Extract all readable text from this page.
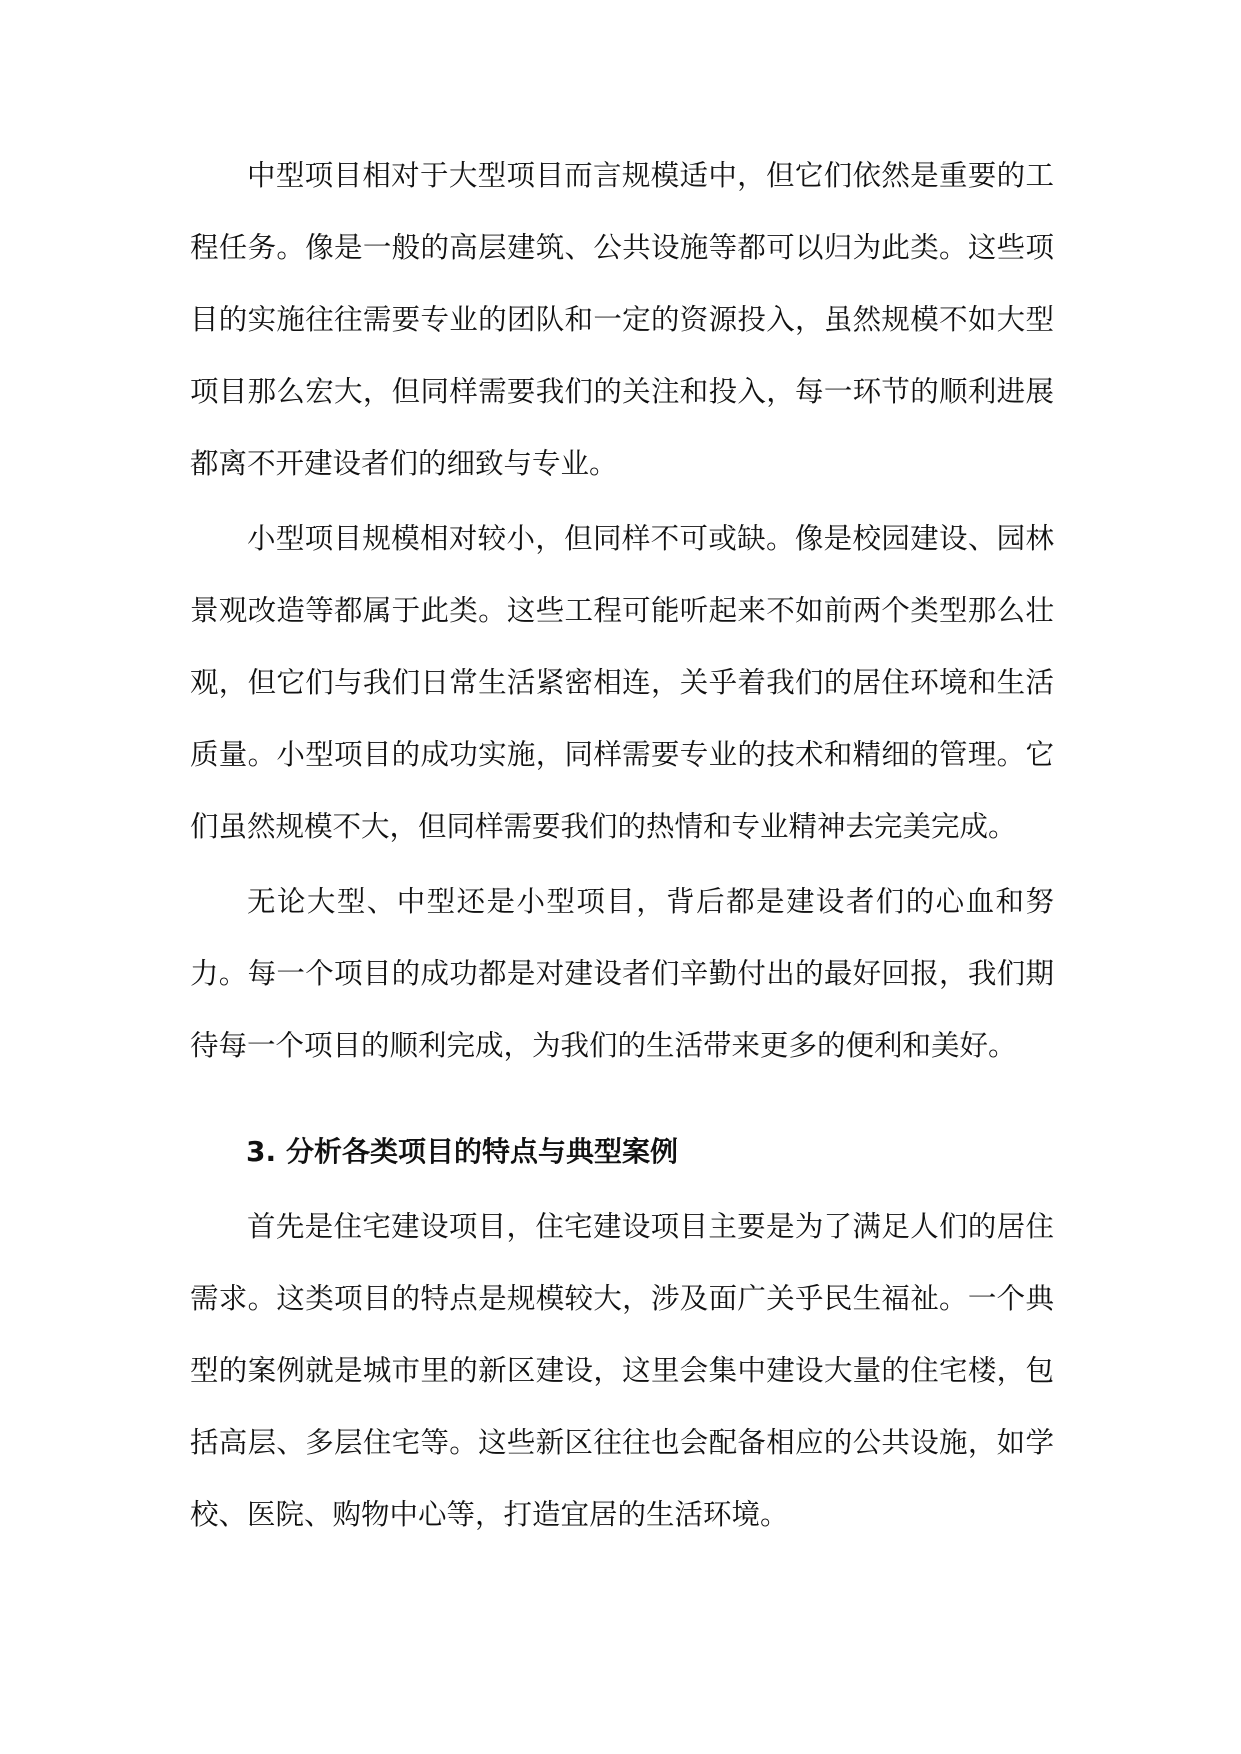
中型项目相对于大型项目而言规模适中，但它们依然是重要的工程任务。像是一般的高层建筑、公共设施等都可以归为此类。这些项目的实施往往需要专业的团队和一定的资源投入，虽然规模不如大型项目那么宏大，但同样需要我们的关注和投入，每一环节的顺利进展都离不开建设者们的细致与专业。

小型项目规模相对较小，但同样不可或缺。像是校园建设、园林景观改造等都属于此类。这些工程可能听起来不如前两个类型那么壮观，但它们与我们日常生活紧密相连，关乎着我们的居住环境和生活质量。小型项目的成功实施，同样需要专业的技术和精细的管理。它们虽然规模不大，但同样需要我们的热情和专业精神去完美完成。

无论大型、中型还是小型项目，背后都是建设者们的心血和努力。每一个项目的成功都是对建设者们辛勤付出的最好回报，我们期待每一个项目的顺利完成，为我们的生活带来更多的便利和美好。

3. 分析各类项目的特点与典型案例

首先是住宅建设项目，住宅建设项目主要是为了满足人们的居住需求。这类项目的特点是规模较大，涉及面广关乎民生福祉。一个典型的案例就是城市里的新区建设，这里会集中建设大量的住宅楼，包括高层、多层住宅等。这些新区往往也会配备相应的公共设施，如学校、医院、购物中心等，打造宜居的生活环境。
